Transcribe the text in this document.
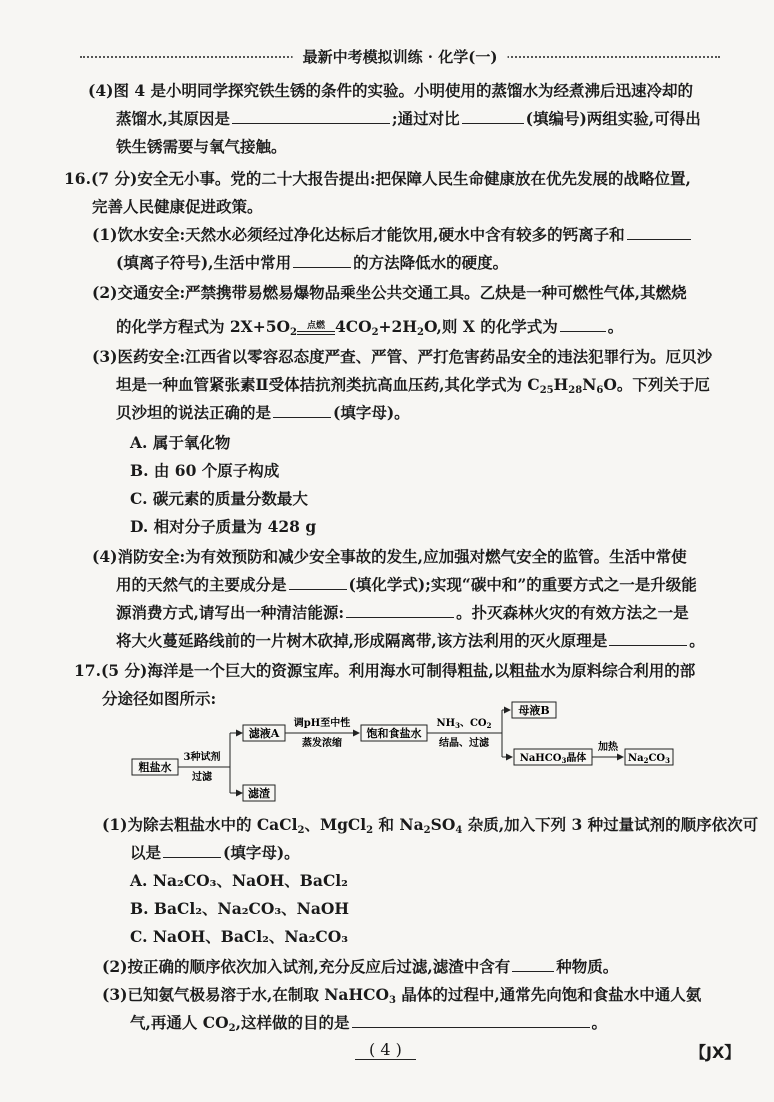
最新中考模拟训练 · 化学(一)
(4)图 4 是小明同学探究铁生锈的条件的实验。小明使用的蒸馏水为经煮沸后迅速冷却的
蒸馏水,其原因是	;通过对比	(填编号)两组实验,可得出
铁生锈需要与氧气接触。
16.(7 分)安全无小事。党的二十大报告提出:把保障人民生命健康放在优先发展的战略位置,
完善人民健康促进政策。
(1)饮水安全:天然水必须经过净化达标后才能饮用,硬水中含有较多的钙离子和
(填离子符号),生活中常用	的方法降低水的硬度。
(2)交通安全:严禁携带易燃易爆物品乘坐公共交通工具。乙炔是一种可燃性气体,其燃烧
的化学方程式为 $2X+5O_2$
点燃 $4CO_2+2H_2O$,则 X 的化学式为	。
(3)医药安全:江西省以零容忍态度严查、严管、严打危害药品安全的违法犯罪行为。厄贝沙
坦是一种血管紧张素Ⅱ受体拮抗剂类抗高血压药,其化学式为 $C_{25}H_{28}N_6O$。下列关于厄
贝沙坦的说法正确的是	(填字母)。
A. 属于氧化物
B. 由 60 个原子构成
C. 碳元素的质量分数最大
D. 相对分子质量为 428 g
(4)消防安全:为有效预防和减少安全事故的发生,应加强对燃气安全的监管。生活中常使
用的天然气的主要成分是	(填化学式);实现“碳中和”的重要方式之一是升级能
源消费方式,请写出一种清洁能源:	。扑灭森林火灾的有效方法之一是
将大火蔓延路线前的一片树木砍掉,形成隔离带,该方法利用的灭火原理是	。
17.(5 分)海洋是一个巨大的资源宝库。利用海水可制得粗盐,以粗盐水为原料综合利用的部
分途径如图所示:
粗盐水
滤液A
滤渣
饱和食盐水
母液B
NaHCO$_3$晶体	$Na_2CO_3$
3种试剂
过滤
调pH至中性
蒸发浓缩
$NH_3$、$CO_2$
结晶、过滤	加热
(1)为除去粗盐水中的 CaCl$_2$、MgCl$_2$ 和 $Na_2SO_4$ 杂质,加入下列 3 种过量试剂的顺序依次可
以是	(填字母)。
A. Na₂CO₃、NaOH、BaCl₂
B. BaCl₂、Na₂CO₃、NaOH
C. NaOH、BaCl₂、Na₂CO₃
(2)按正确的顺序依次加入试剂,充分反应后过滤,滤渣中含有	种物质。
(3)已知氨气极易溶于水,在制取 NaHCO$_3$ 晶体的过程中,通常先向饱和食盐水中通人氨
气,再通人 $CO_2$,这样做的目的是	。
( 4 )	【JX】
